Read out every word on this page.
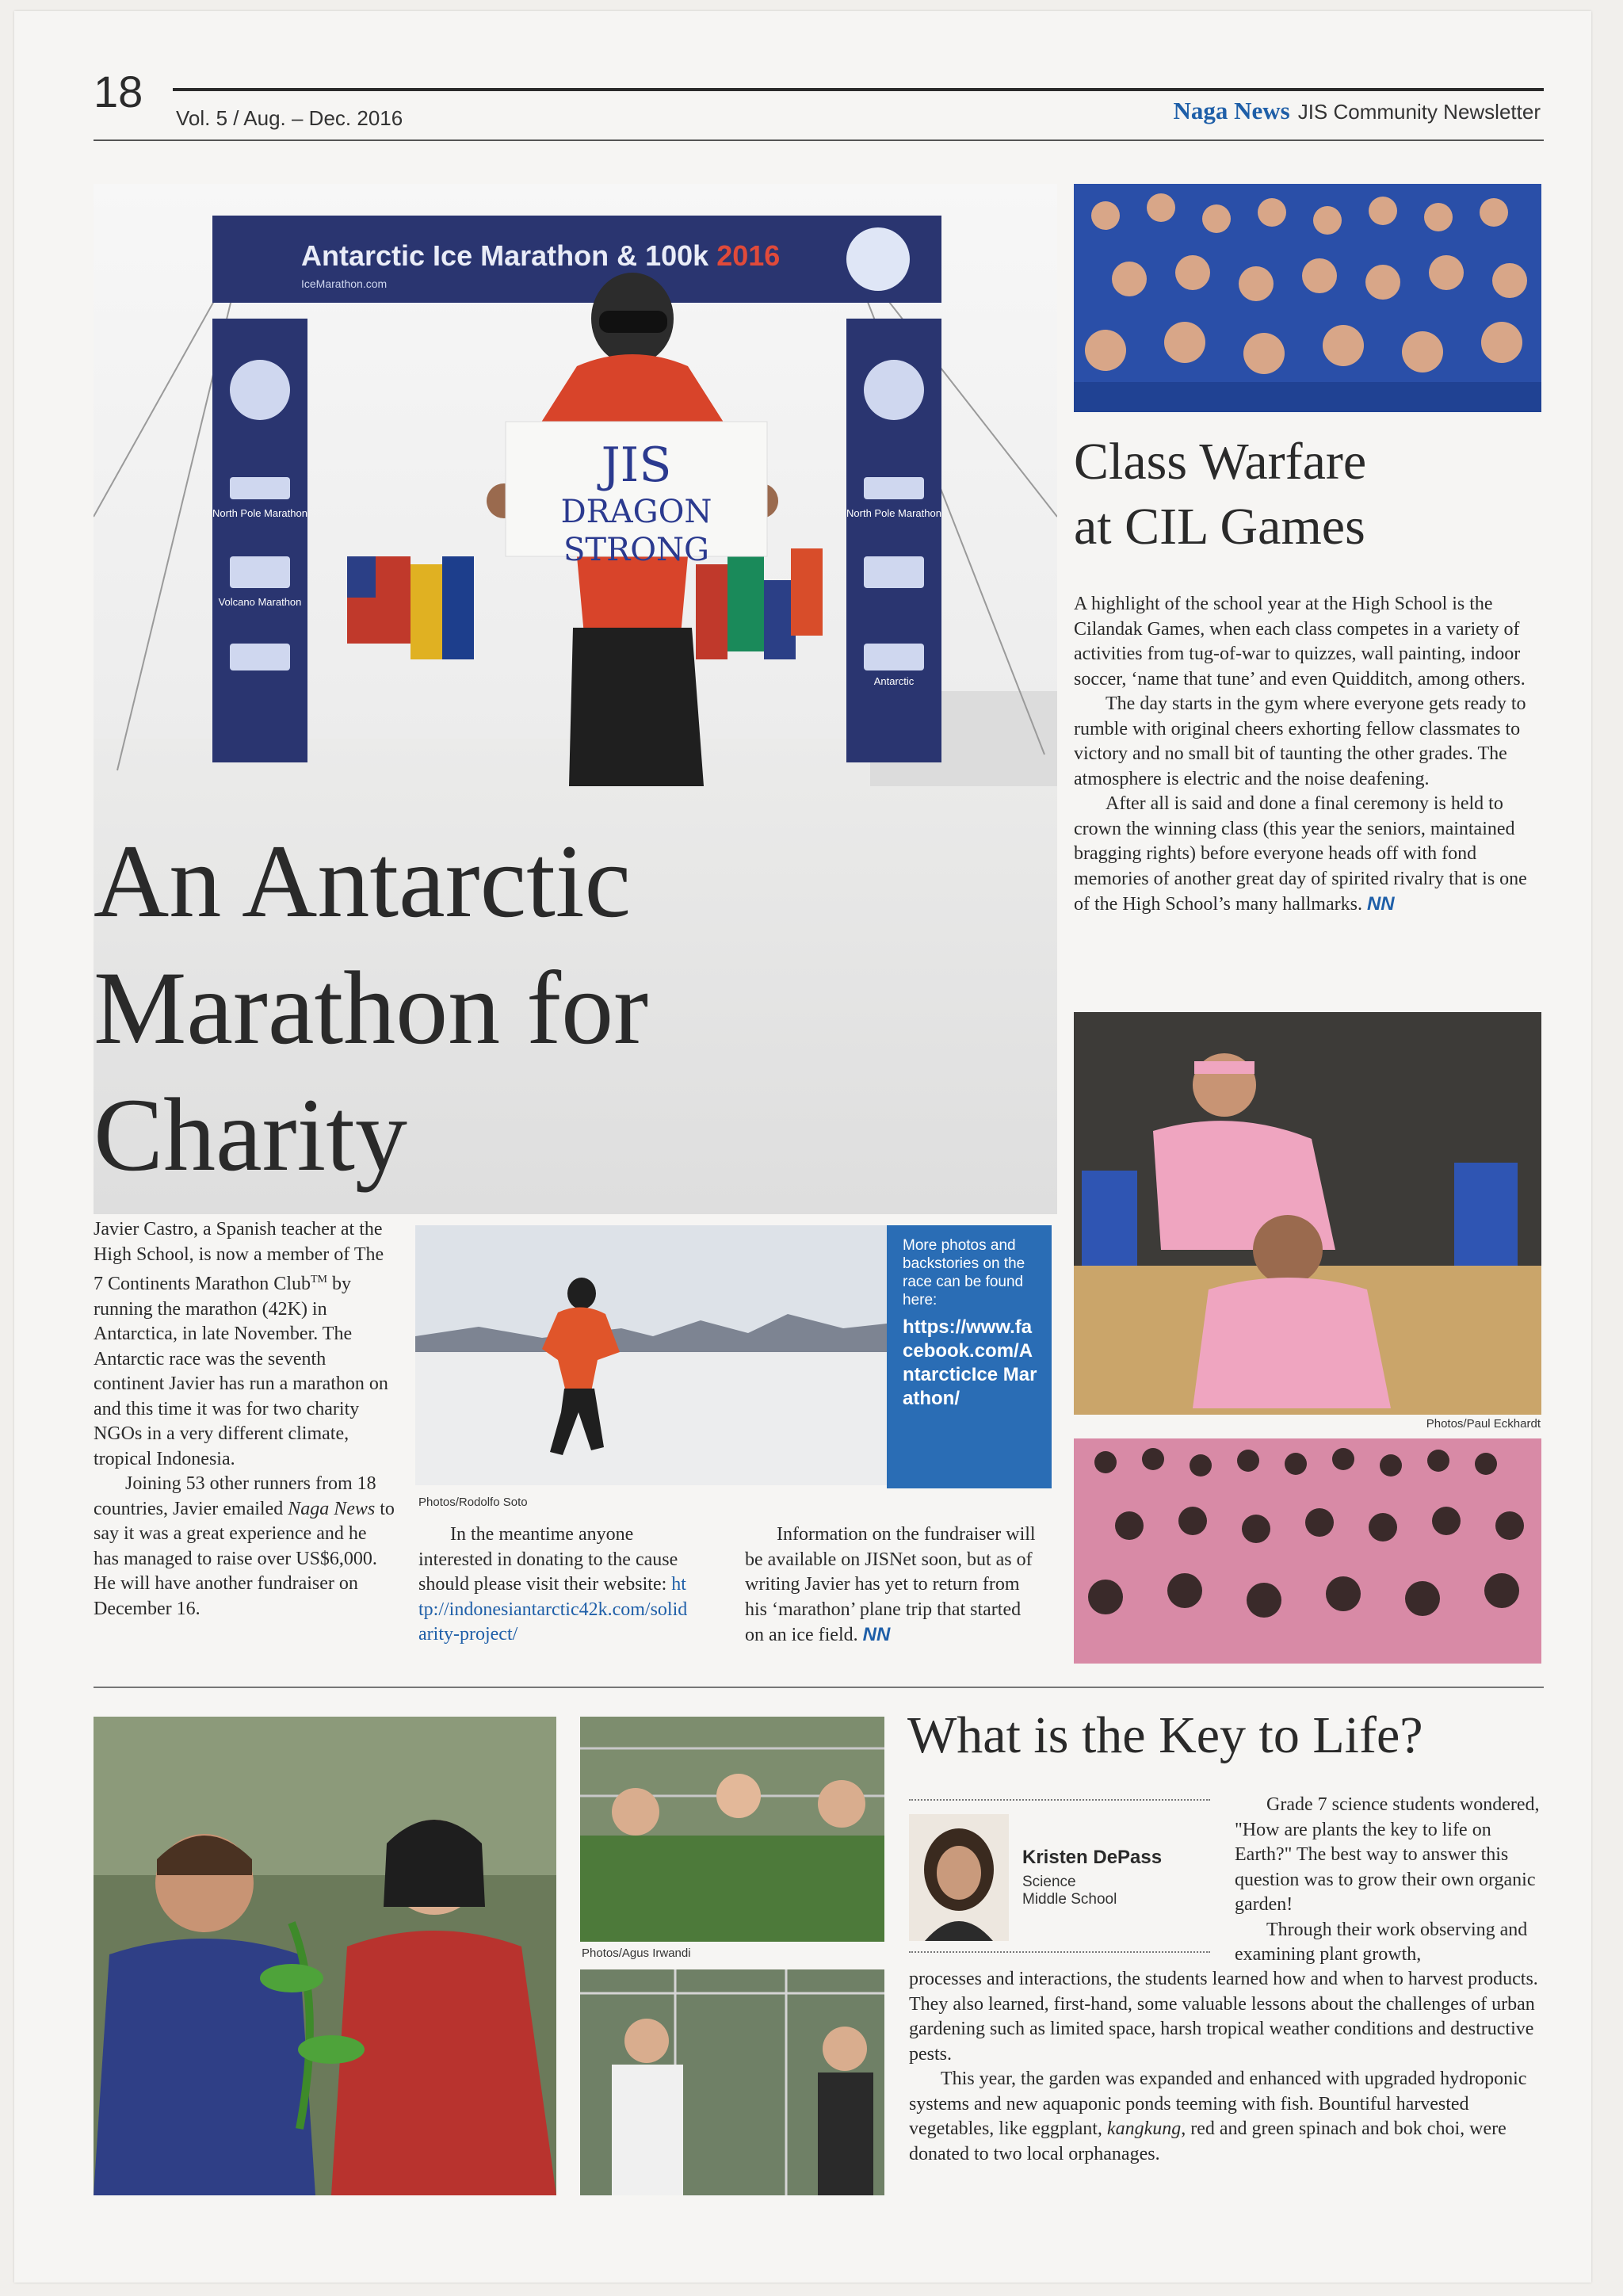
18
Vol. 5 / Aug. – Dec. 2016	Naga News JIS Community Newsletter
Antarctic Ice Marathon & 100k 2016
IceMarathon.com
JIS
DRAGON STRONG
North Pole Marathon
Volcano Marathon
North Pole Marathon
Antarctic
An Antarctic
Marathon for
Charity

Javier Castro, a Spanish teacher at the High School, is now a member of The 7 Continents Marathon Club™ by running the marathon (42K) in Antarctica, in late November. The Antarctic race was the seventh continent Javier has run a marathon on and this time it was for two charity NGOs in a very different climate, tropical Indonesia.

Joining 53 other runners from 18 countries, Javier emailed Naga News to say it was a great experience and he has managed to raise over US$6,000. He will have another fundraiser on December 16.

Photos/Rodolfo Soto
More photos and backstories on the race can be found here:
https://www.facebook.com/AntarcticIce Marathon/

In the meantime anyone interested in donating to the cause should please visit their website: http://indonesiantarctic42k.com/solidarity-project/

Information on the fundraiser will be available on JISNet soon, but as of writing Javier has yet to return from his ‘marathon’ plane trip that started on an ice field. NN

Class Warfare
at CIL Games

A highlight of the school year at the High School is the Cilandak Games, when each class competes in a variety of activities from tug-of-war to quizzes, wall painting, indoor soccer, ‘name that tune’ and even Quidditch, among others.

The day starts in the gym where everyone gets ready to rumble with original cheers exhorting fellow classmates to victory and no small bit of taunting the other grades. The atmosphere is electric and the noise deafening.

After all is said and done a final ceremony is held to crown the winning class (this year the seniors, maintained bragging rights) before everyone heads off with fond memories of another great day of spirited rivalry that is one of the High School’s many hallmarks. NN

Photos/Paul Eckhardt
Photos/Agus Irwandi
What is the Key to Life?
Kristen DePass
Science
Middle School

Grade 7 science students wondered, "How are plants the key to life on Earth?" The best way to answer this question was to grow their own organic garden!

Through their work observing and examining plant growth,

processes and interactions, the students learned how and when to harvest products. They also learned, first-hand, some valuable lessons about the challenges of urban gardening such as limited space, harsh tropical weather conditions and destructive pests.

This year, the garden was expanded and enhanced with upgraded hydroponic systems and new aquaponic ponds teeming with fish. Bountiful harvested vegetables, like eggplant, kangkung, red and green spinach and bok choi, were donated to two local orphanages.
